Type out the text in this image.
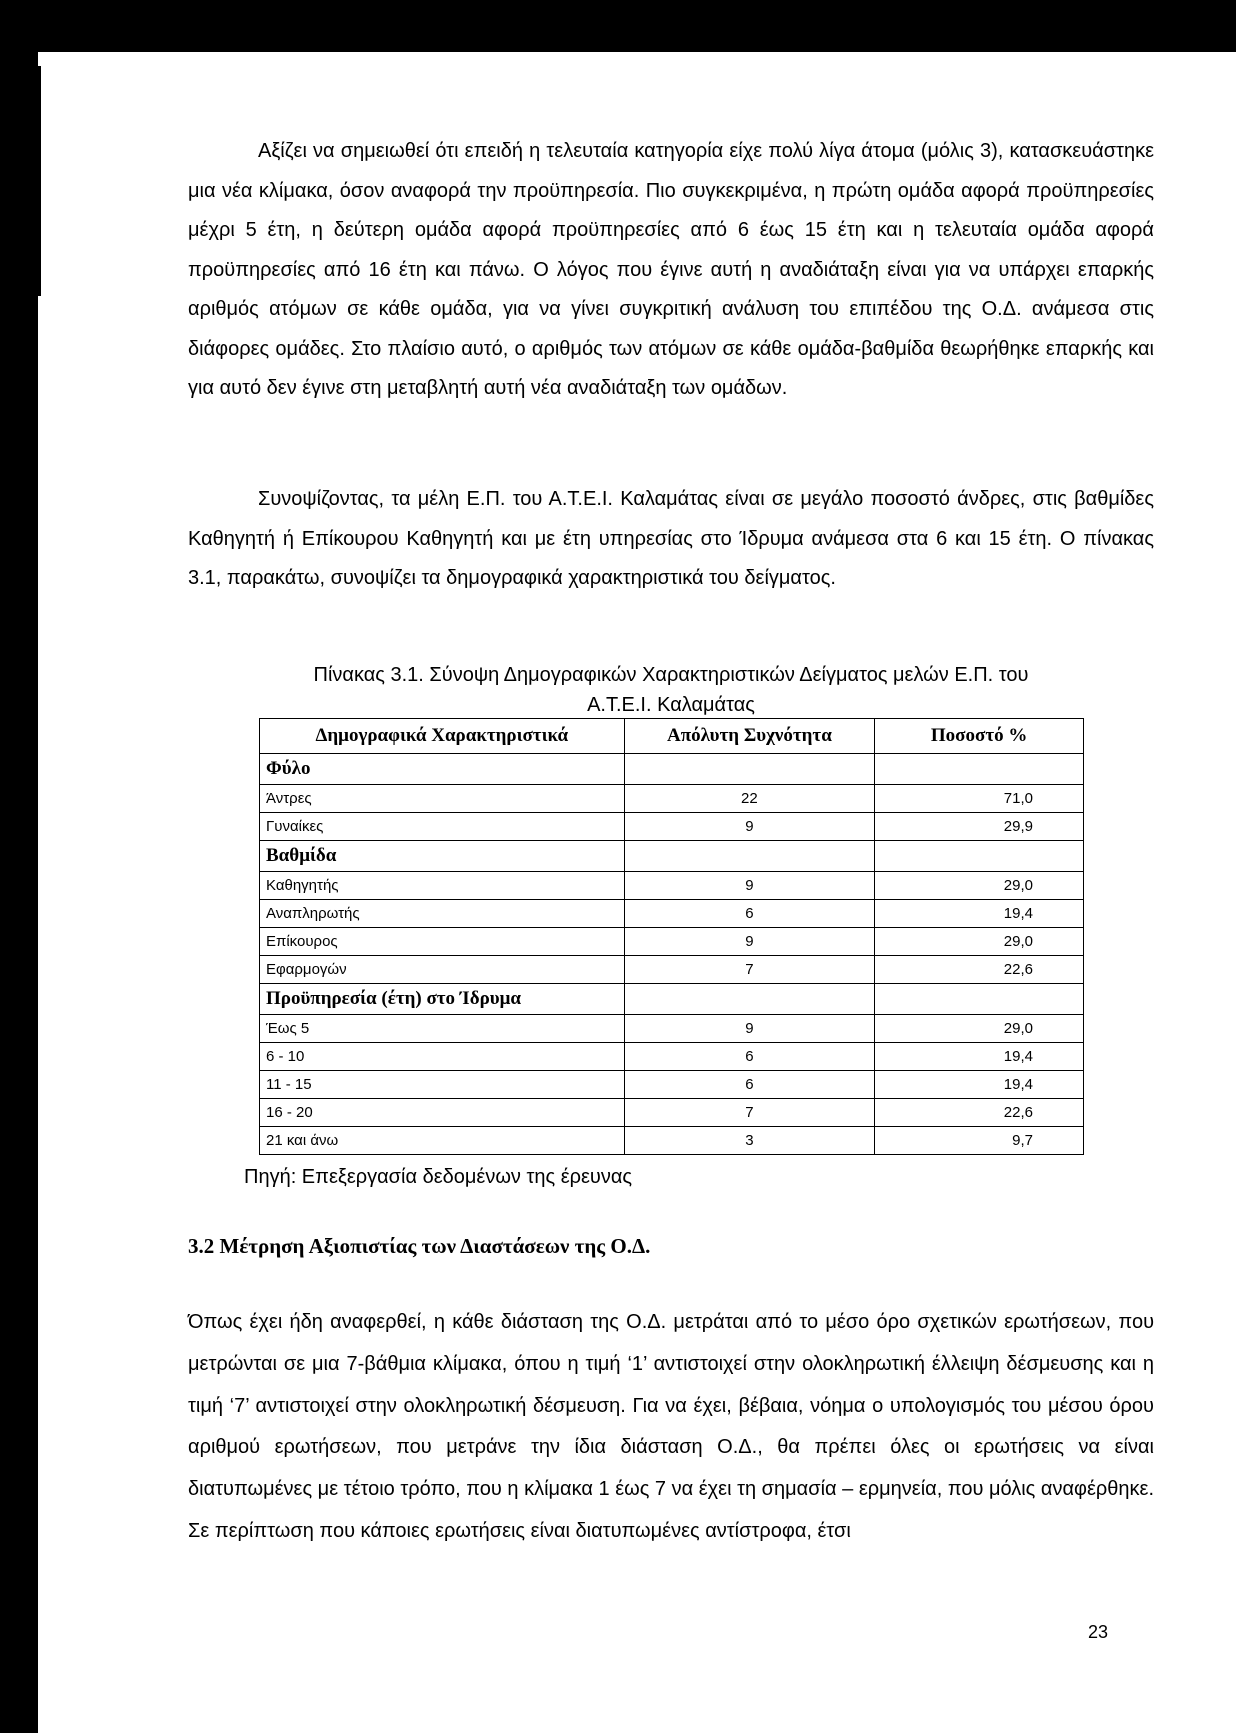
Αξίζει να σημειωθεί ότι επειδή η τελευταία κατηγορία είχε πολύ λίγα άτομα (μόλις 3), κατασκευάστηκε μια νέα κλίμακα, όσον αναφορά την προϋπηρεσία. Πιο συγκεκριμένα, η πρώτη ομάδα αφορά προϋπηρεσίες μέχρι 5 έτη, η δεύτερη ομάδα αφορά προϋπηρεσίες από 6 έως 15 έτη και η τελευταία ομάδα αφορά προϋπηρεσίες από 16 έτη και πάνω. Ο λόγος που έγινε αυτή η αναδιάταξη είναι για να υπάρχει επαρκής αριθμός ατόμων σε κάθε ομάδα, για να γίνει συγκριτική ανάλυση του επιπέδου της Ο.Δ. ανάμεσα στις διάφορες ομάδες. Στο πλαίσιο αυτό, ο αριθμός των ατόμων σε κάθε ομάδα-βαθμίδα θεωρήθηκε επαρκής και για αυτό δεν έγινε στη μεταβλητή αυτή νέα αναδιάταξη των ομάδων.

Συνοψίζοντας, τα μέλη Ε.Π. του Α.Τ.Ε.Ι. Καλαμάτας είναι σε μεγάλο ποσοστό άνδρες, στις βαθμίδες Καθηγητή ή Επίκουρου Καθηγητή και με έτη υπηρεσίας στο Ίδρυμα ανάμεσα στα 6 και 15 έτη. Ο πίνακας 3.1, παρακάτω, συνοψίζει τα δημογραφικά χαρακτηριστικά του δείγματος.

Πίνακας 3.1. Σύνοψη Δημογραφικών Χαρακτηριστικών Δείγματος μελών Ε.Π. του
Α.Τ.Ε.Ι. Καλαμάτας

Δημογραφικά Χαρακτηριστικά	Απόλυτη Συχνότητα	Ποσοστό %
Φύλο		
Άντρες	22	71,0
Γυναίκες	9	29,9
Βαθμίδα		
Καθηγητής	9	29,0
Αναπληρωτής	6	19,4
Επίκουρος	9	29,0
Εφαρμογών	7	22,6
Προϋπηρεσία (έτη) στο Ίδρυμα		
Έως 5	9	29,0
6 - 10	6	19,4
11 - 15	6	19,4
16 - 20	7	22,6
21 και άνω	3	9,7

Πηγή: Επεξεργασία δεδομένων της έρευνας

3.2 Μέτρηση Αξιοπιστίας των Διαστάσεων της Ο.Δ.

Όπως έχει ήδη αναφερθεί, η κάθε διάσταση της Ο.Δ. μετράται από το μέσο όρο σχετικών ερωτήσεων, που μετρώνται σε μια 7-βάθμια κλίμακα, όπου η τιμή ‘1’ αντιστοιχεί στην ολοκληρωτική έλλειψη δέσμευσης και η τιμή ‘7’ αντιστοιχεί στην ολοκληρωτική δέσμευση. Για να έχει, βέβαια, νόημα ο υπολογισμός του μέσου όρου αριθμού ερωτήσεων, που μετράνε την ίδια διάσταση Ο.Δ., θα πρέπει όλες οι ερωτήσεις να είναι διατυπωμένες με τέτοιο τρόπο, που η κλίμακα 1 έως 7 να έχει τη σημασία – ερμηνεία, που μόλις αναφέρθηκε. Σε περίπτωση που κάποιες ερωτήσεις είναι διατυπωμένες αντίστροφα, έτσι

23
